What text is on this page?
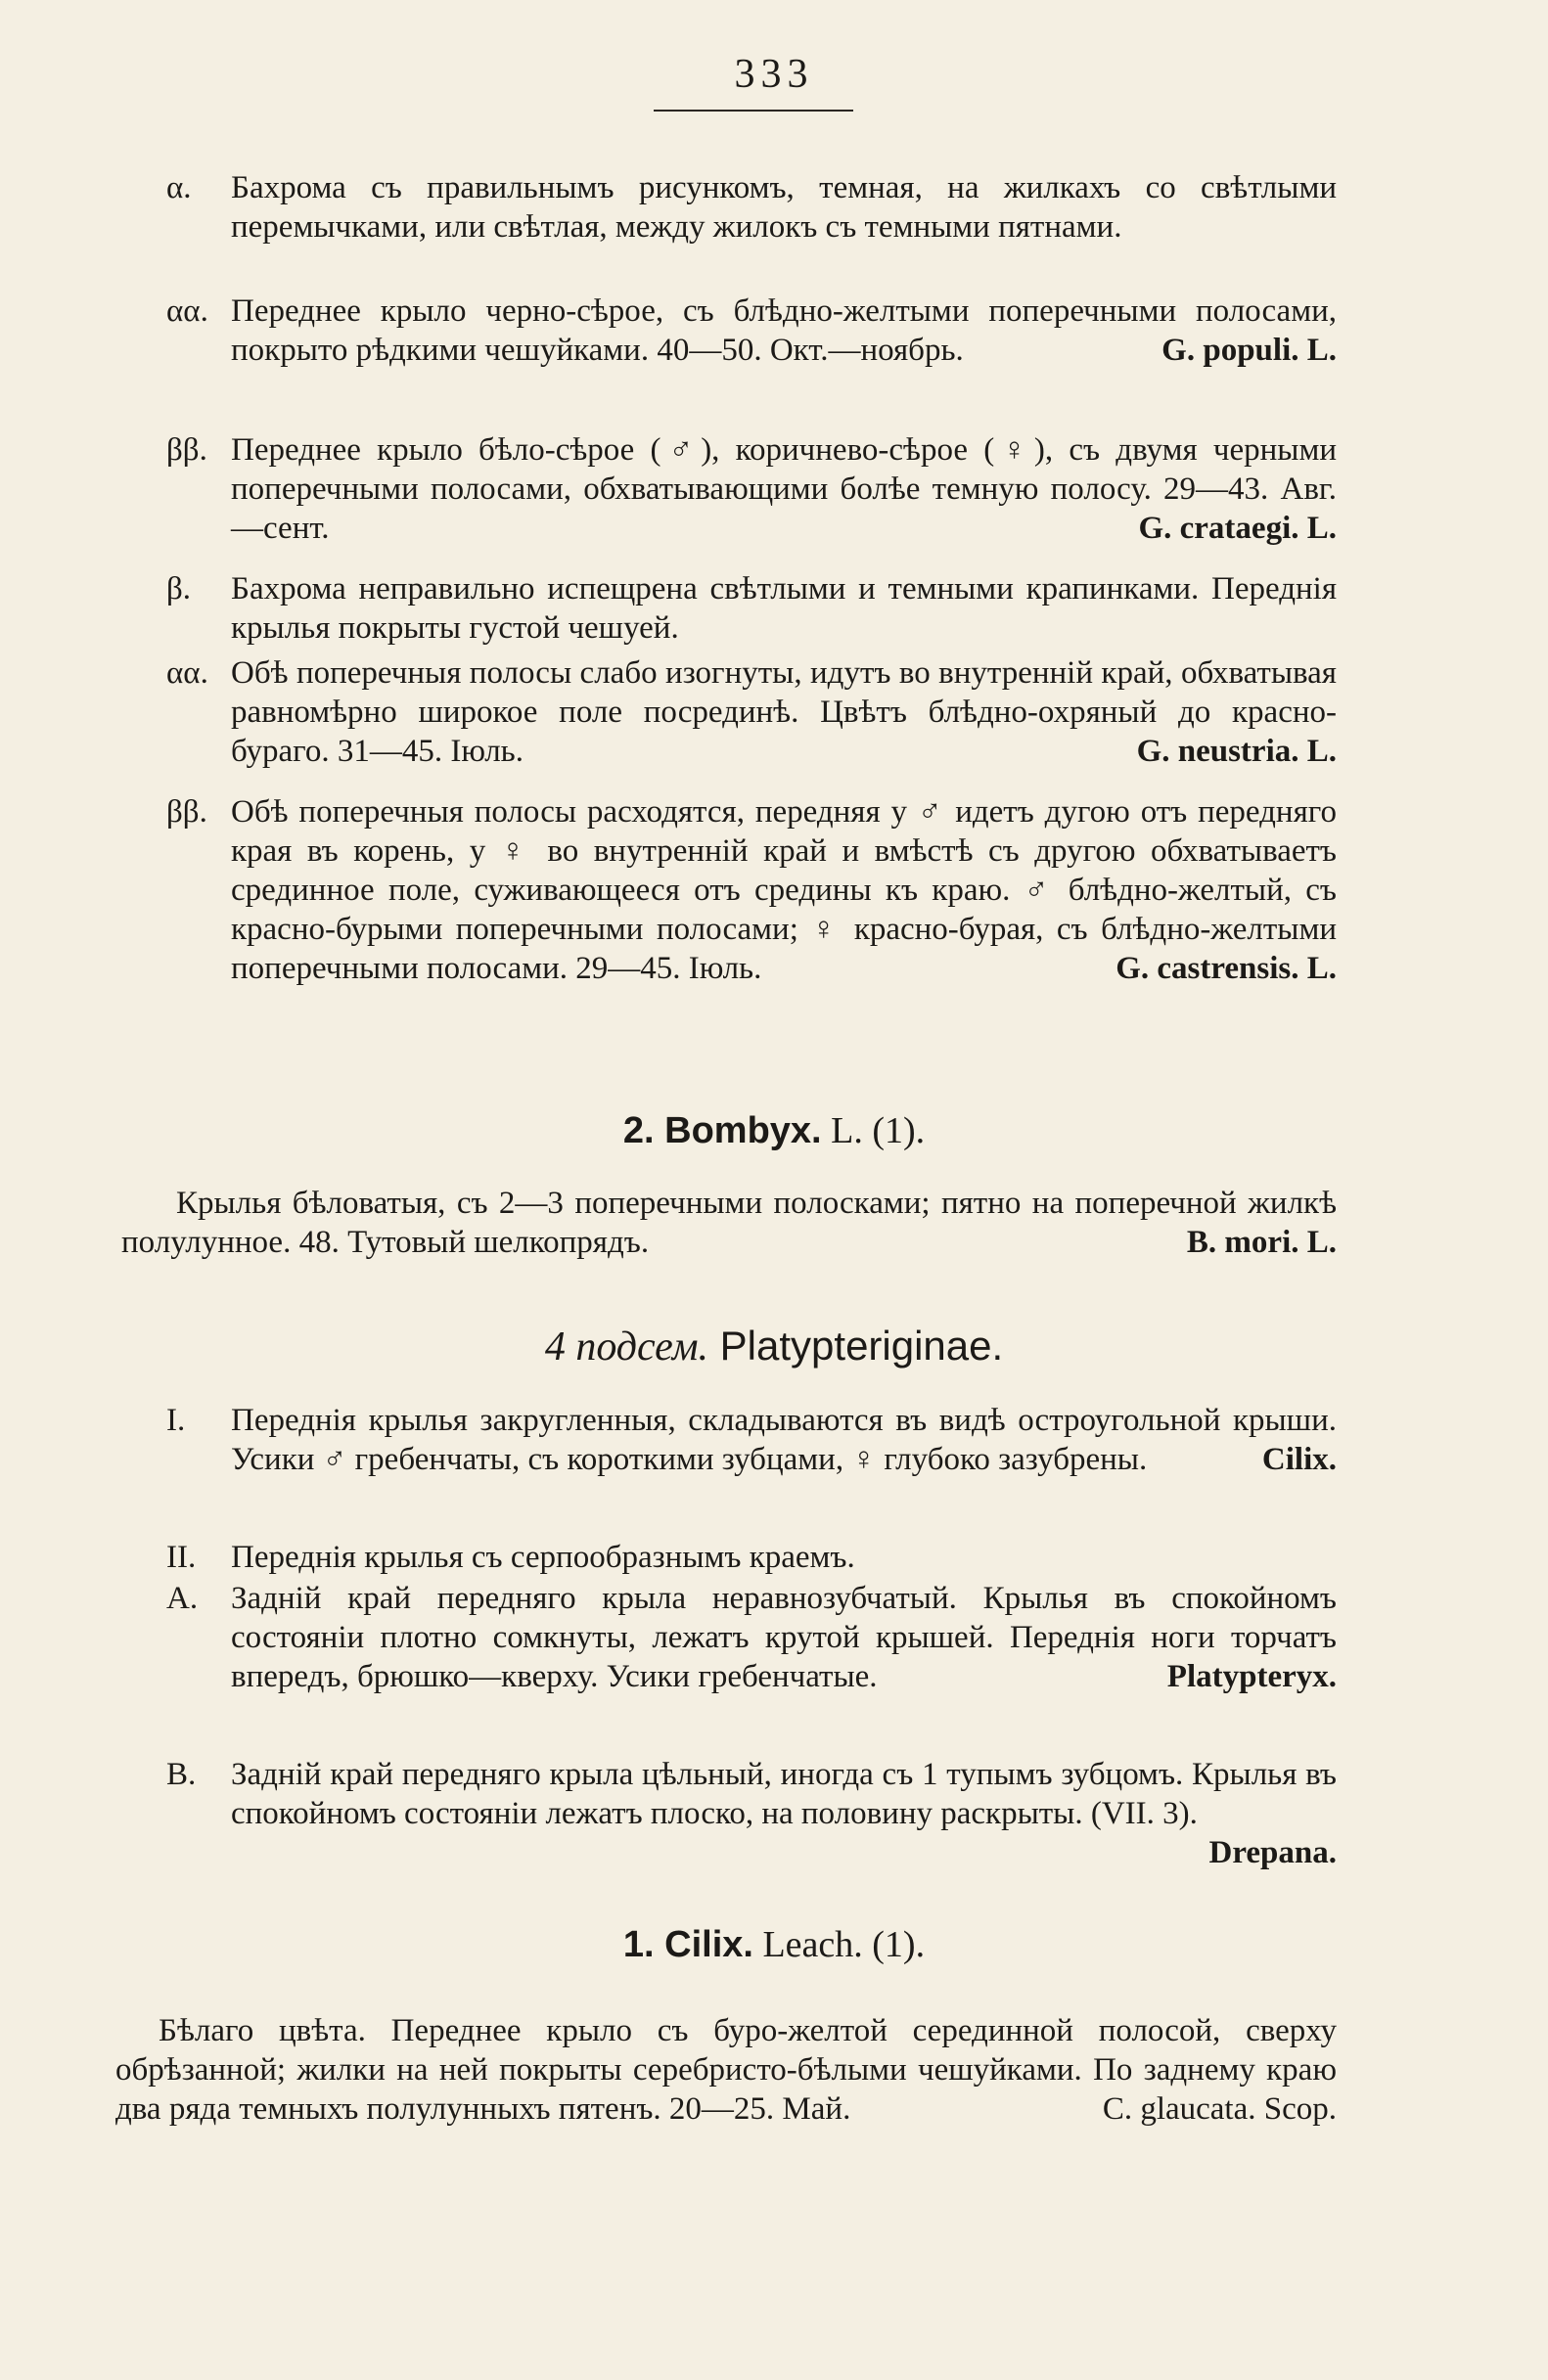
333
α.	Бахрома съ правильнымъ рисункомъ, темная, на жилкахъ со свѣтлыми перемычками, или свѣтлая, между жилокъ съ темными пятнами.
αα. Переднее крыло черно-сѣрое, съ блѣдно-желтыми поперечными полосами, покрыто рѣдкими чешуйками. 40—50. Окт.—ноябрь.	G. populi. L.
ββ. Переднее крыло бѣло-сѣрое (♂), коричнево-сѣрое (♀), съ двумя черными поперечными полосами, обхватывающими болѣе темную полосу. 29—43. Авг.—сент.	G. crataegi. L.
β.	Бахрома неправильно испещрена свѣтлыми и темными крапинками. Переднія крылья покрыты густой чешуей.
αα. Обѣ поперечныя полосы слабо изогнуты, идутъ во внутренній край, обхватывая равномѣрно широкое поле посрединѣ. Цвѣтъ блѣдно-охряный до красно-бураго. 31—45. Іюль.	G. neustria. L.
ββ. Обѣ поперечныя полосы расходятся, передняя у ♂ идетъ дугою отъ передняго края въ корень, у ♀ во внутренній край и вмѣстѣ съ другою обхватываетъ срединное поле, суживающееся отъ средины къ краю. ♂ блѣдно-желтый, съ красно-бурыми поперечными полосами; ♀ красно-бурая, съ блѣдно-желтыми поперечными полосами. 29—45. Іюль.	G. castrensis. L.
2. Bombyx. L. (1).
Крылья бѣловатыя, съ 2—3 поперечными полосками; пятно на поперечной жилкѣ полулунное. 48. Тутовый шелкопрядъ.	B. mori. L.
4 подсем. Platypteriginae.
I.	Переднія крылья закругленныя, складываются въ видѣ остроугольной крыши. Усики ♂ гребенчаты, съ короткими зубцами, ♀ глубоко зазубрены.	Cilix.
II.	Переднія крылья съ серпообразнымъ краемъ.
A.	Задній край передняго крыла неравнозубчатый. Крылья въ спокойномъ состояніи плотно сомкнуты, лежатъ крутой крышей. Переднія ноги торчатъ впередъ, брюшко—кверху. Усики гребенчатые.	Platypteryx.
B.	Задній край передняго крыла цѣльный, иногда съ 1 тупымъ зубцомъ. Крылья въ спокойномъ состояніи лежатъ плоско, на половину раскрыты. (VII. 3).
Drepana.
1. Cilix. Leach. (1).
Бѣлаго цвѣта. Переднее крыло съ буро-желтой серединной полосой, сверху обрѣзанной; жилки на ней покрыты серебристо-бѣлыми чешуйками. По заднему краю два ряда темныхъ полулунныхъ пятенъ. 20—25. Май.	C. glaucata. Scop.
